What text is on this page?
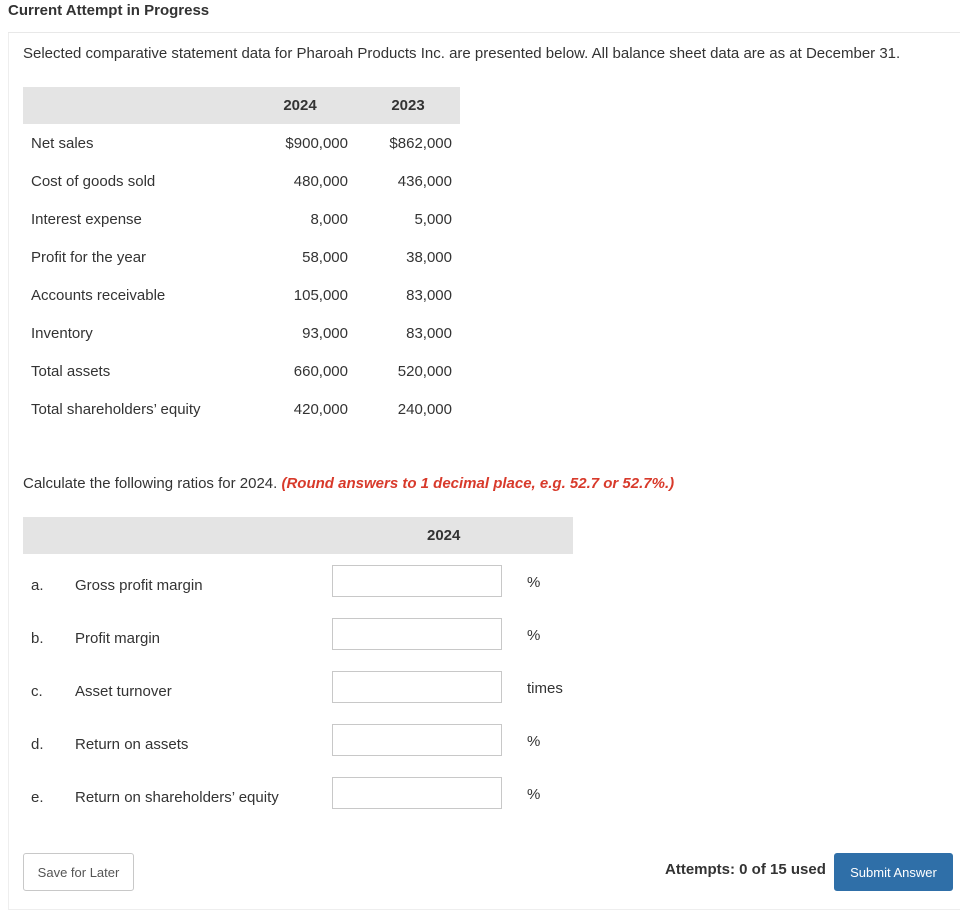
Current Attempt in Progress
Selected comparative statement data for Pharoah Products Inc. are presented below. All balance sheet data are as at December 31.
	2024	2023
Net sales	$900,000	$862,000
Cost of goods sold	480,000	436,000
Interest expense	8,000	5,000
Profit for the year	58,000	38,000
Accounts receivable	105,000	83,000
Inventory	93,000	83,000
Total assets	660,000	520,000
Total shareholders’ equity	420,000	240,000
Calculate the following ratios for 2024. (Round answers to 1 decimal place, e.g. 52.7 or 52.7%.)
2024
a. Gross profit margin	%
b. Profit margin	%
c. Asset turnover	times
d. Return on assets	%
e. Return on shareholders’ equity	%
Save for Later	Attempts: 0 of 15 used	Submit Answer
